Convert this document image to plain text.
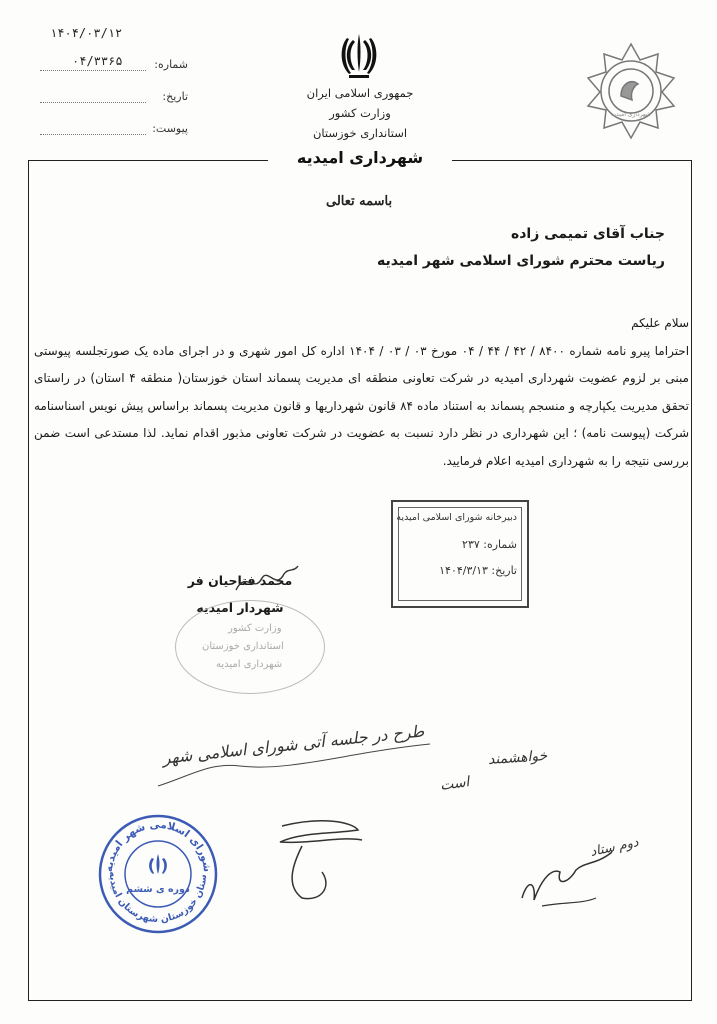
۱۴۰۴/۰۳/۱۲
شماره:
۰۴/۳۳۶۵
تاریخ:
پیوست:
جمهوری اسلامی ایران
وزارت کشور
استانداری خوزستان
شهرداری امیدیه
شهرداری امیدیه
باسمه تعالی
جناب آقای تمیمی زاده
ریاست محترم شورای اسلامی شهر امیدیه

سلام علیکم

احتراما پیرو نامه شماره ۸۴۰۰ / ۴۲ / ۴۴ / ۰۴ مورخ ۰۳ / ۰۳ / ۱۴۰۴ اداره کل امور شهری و در اجرای ماده یک صورتجلسه پیوستی مبنی بر لزوم عضویت شهرداری امیدیه در شرکت تعاونی منطقه ای مدیریت پسماند استان خوزستان( منطقه ۴ استان) در راستای تحقق مدیریت یکپارچه و منسجم پسماند به استناد ماده ۸۴ قانون شهرداریها و قانون مدیریت پسماند براساس پیش نویس اسناسنامه شرکت (پیوست نامه) ؛ این شهرداری در نظر دارد نسبت به عضویت در شرکت تعاونی مذبور اقدام نماید. لذا مستدعی است ضمن بررسی نتیجه را به شهرداری امیدیه اعلام فرمایید.

دبیرخانه شورای اسلامی امیدیه
شماره: ۲۳۷
تاریخ: ۱۴۰۴/۳/۱۳
محمد فتاحیان فر
شهردار امیدیه
وزارت کشور
استانداری خوزستان
شهرداری امیدیه
طرح در جلسه آتی شورای اسلامی شهر	خواهشمند
است
دوم ستاد
شورای اسلامی شهر امیدیه
ستان خوزستان شهرستان امیدیه
دوره ی ششم
